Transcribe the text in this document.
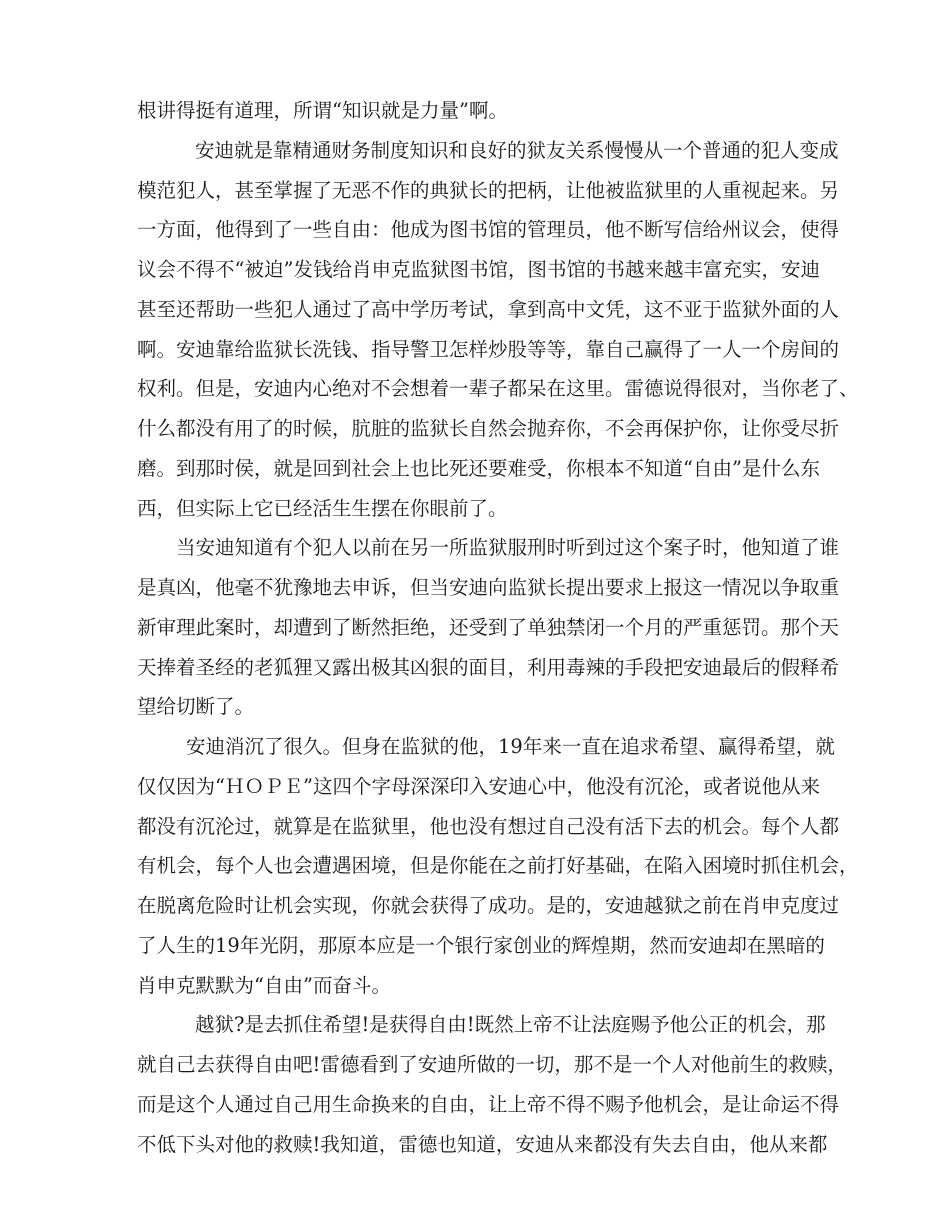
根讲得挺有道理，所谓“知识就是力量”啊。
安迪就是靠精通财务制度知识和良好的狱友关系慢慢从一个普通的犯人变成
模范犯人，甚至掌握了无恶不作的典狱长的把柄，让他被监狱里的人重视起来。另
一方面，他得到了一些自由：他成为图书馆的管理员，他不断写信给州议会，使得
议会不得不“被迫”发钱给肖申克监狱图书馆，图书馆的书越来越丰富充实，安迪
甚至还帮助一些犯人通过了高中学历考试，拿到高中文凭，这不亚于监狱外面的人
啊。安迪靠给监狱长洗钱、指导警卫怎样炒股等等，靠自己赢得了一人一个房间的
权利。但是，安迪内心绝对不会想着一辈子都呆在这里。雷德说得很对，当你老了、
什么都没有用了的时候，肮脏的监狱长自然会抛弃你，不会再保护你，让你受尽折
磨。到那时侯，就是回到社会上也比死还要难受，你根本不知道“自由”是什么东
西，但实际上它已经活生生摆在你眼前了。
当安迪知道有个犯人以前在另一所监狱服刑时听到过这个案子时，他知道了谁
是真凶，他毫不犹豫地去申诉，但当安迪向监狱长提出要求上报这一情况以争取重
新审理此案时，却遭到了断然拒绝，还受到了单独禁闭一个月的严重惩罚。那个天
天捧着圣经的老狐狸又露出极其凶狠的面目，利用毒辣的手段把安迪最后的假释希
望给切断了。
安迪消沉了很久。但身在监狱的他，19年来一直在追求希望、赢得希望，就
仅仅因为“ＨＯＰＥ”这四个字母深深印入安迪心中，他没有沉沦，或者说他从来
都没有沉沦过，就算是在监狱里，他也没有想过自己没有活下去的机会。每个人都
有机会，每个人也会遭遇困境，但是你能在之前打好基础，在陷入困境时抓住机会，
在脱离危险时让机会实现，你就会获得了成功。是的，安迪越狱之前在肖申克度过
了人生的19年光阴，那原本应是一个银行家创业的辉煌期，然而安迪却在黑暗的
肖申克默默为“自由”而奋斗。
越狱?是去抓住希望!是获得自由!既然上帝不让法庭赐予他公正的机会，那
就自己去获得自由吧!雷德看到了安迪所做的一切，那不是一个人对他前生的救赎，
而是这个人通过自己用生命换来的自由，让上帝不得不赐予他机会，是让命运不得
不低下头对他的救赎!我知道，雷德也知道，安迪从来都没有失去自由，他从来都
